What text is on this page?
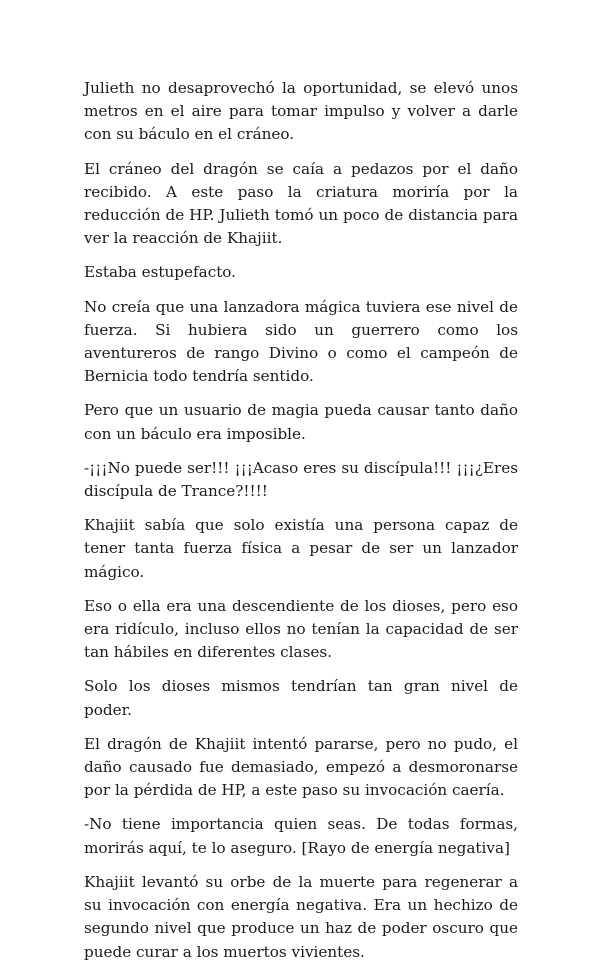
Julieth no desaprovechó la oportunidad, se elevó unos metros en el aire para tomar impulso y volver a darle con su báculo en el cráneo.

El cráneo del dragón se caía a pedazos por el daño recibido. A este paso la criatura moriría por la reducción de HP. Julieth tomó un poco de distancia para ver la reacción de Khajiit.

Estaba estupefacto.

No creía que una lanzadora mágica tuviera ese nivel de fuerza. Si hubiera sido un guerrero como los aventureros de rango Divino o como el campeón de Bernicia todo tendría sentido.

Pero que un usuario de magia pueda causar tanto daño con un báculo era imposible.

-¡¡¡No puede ser!!! ¡¡¡Acaso eres su discípula!!! ¡¡¡¿Eres discípula de Trance?!!!!

Khajiit sabía que solo existía una persona capaz de tener tanta fuerza física a pesar de ser un lanzador mágico.

Eso o ella era una descendiente de los dioses, pero eso era ridículo, incluso ellos no tenían la capacidad de ser tan hábiles en diferentes clases.

Solo los dioses mismos tendrían tan gran nivel de poder.

El dragón de Khajiit intentó pararse, pero no pudo, el daño causado fue demasiado, empezó a desmoronarse por la pérdida de HP, a este paso su invocación caería.

-No tiene importancia quien seas. De todas formas, morirás aquí, te lo aseguro. [Rayo de energía negativa]

Khajiit levantó su orbe de la muerte para regenerar a su invocación con energía negativa. Era un hechizo de segundo nivel que produce un haz de poder oscuro que puede curar a los muertos vivientes.
